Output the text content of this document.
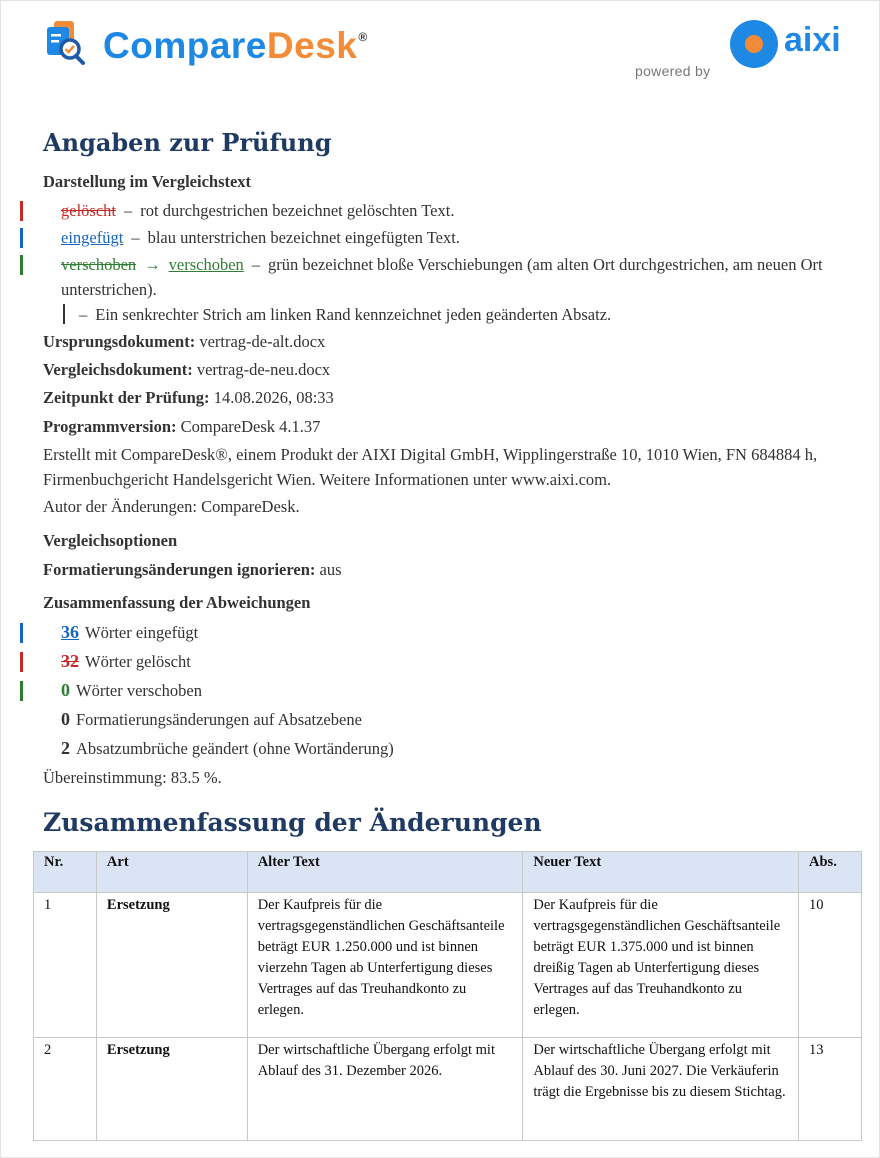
CompareDesk®
powered by
aixi
Angaben zur Prüfung
Darstellung im Vergleichstext
gelöscht – rot durchgestrichen bezeichnet gelöschten Text.
eingefügt – blau unterstrichen bezeichnet eingefügten Text.
verschoben → verschoben – grün bezeichnet bloße Verschiebungen (am alten Ort durchgestrichen, am neuen Ort unterstrichen).
– Ein senkrechter Strich am linken Rand kennzeichnet jeden geänderten Absatz.
Ursprungsdokument: vertrag-de-alt.docx
Vergleichsdokument: vertrag-de-neu.docx
Zeitpunkt der Prüfung: 14.08.2026, 08:33
Programmversion: CompareDesk 4.1.37
Erstellt mit CompareDesk®, einem Produkt der AIXI Digital GmbH, Wipplingerstraße 10, 1010 Wien, FN 684884 h, Firmenbuchgericht Handelsgericht Wien. Weitere Informationen unter www.aixi.com.
Autor der Änderungen: CompareDesk.
Vergleichsoptionen
Formatierungsänderungen ignorieren: aus
Zusammenfassung der Abweichungen
36 Wörter eingefügt
32 Wörter gelöscht
0 Wörter verschoben
0 Formatierungsänderungen auf Absatzebene
2 Absatzumbrüche geändert (ohne Wortänderung)
Übereinstimmung: 83.5 %.
Zusammenfassung der Änderungen
Nr.	Art	Alter Text	Neuer Text	Abs.
1	Ersetzung	Der Kaufpreis für die vertragsgegenständlichen Geschäftsanteile beträgt EUR 1.250.000 und ist binnen vierzehn Tagen ab Unterfertigung dieses Vertrages auf das Treuhandkonto zu erlegen.	Der Kaufpreis für die vertragsgegenständlichen Geschäftsanteile beträgt EUR 1.375.000 und ist binnen dreißig Tagen ab Unterfertigung dieses Vertrages auf das Treuhandkonto zu erlegen.	10
2	Ersetzung	Der wirtschaftliche Übergang erfolgt mit Ablauf des 31. Dezember 2026.	Der wirtschaftliche Übergang erfolgt mit Ablauf des 30. Juni 2027. Die Verkäuferin trägt die Ergebnisse bis zu diesem Stichtag.	13
